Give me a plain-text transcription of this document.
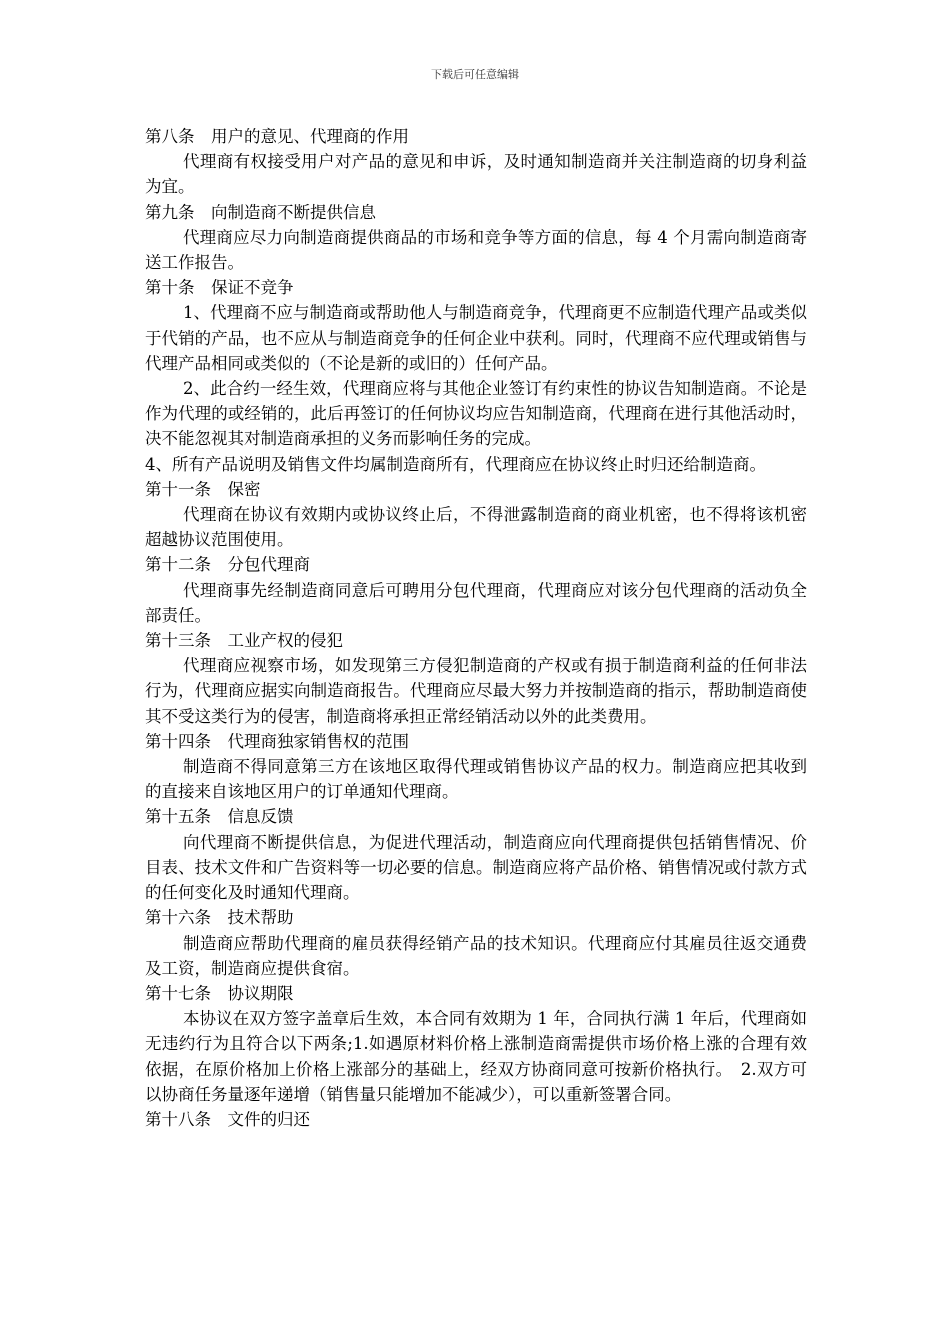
下载后可任意编辑

第八条　用户的意见、代理商的作用

代理商有权接受用户对产品的意见和申诉，及时通知制造商并关注制造商的切身利益为宜。

第九条　向制造商不断提供信息

代理商应尽力向制造商提供商品的市场和竞争等方面的信息，每 4 个月需向制造商寄送工作报告。

第十条　保证不竞争

1、代理商不应与制造商或帮助他人与制造商竞争，代理商更不应制造代理产品或类似于代销的产品，也不应从与制造商竞争的任何企业中获利。同时，代理商不应代理或销售与代理产品相同或类似的（不论是新的或旧的）任何产品。

2、此合约一经生效，代理商应将与其他企业签订有约束性的协议告知制造商。不论是作为代理的或经销的，此后再签订的任何协议均应告知制造商，代理商在进行其他活动时，决不能忽视其对制造商承担的义务而影响任务的完成。

4、所有产品说明及销售文件均属制造商所有，代理商应在协议终止时归还给制造商。

第十一条　保密

代理商在协议有效期内或协议终止后，不得泄露制造商的商业机密，也不得将该机密超越协议范围使用。

第十二条　分包代理商

代理商事先经制造商同意后可聘用分包代理商，代理商应对该分包代理商的活动负全部责任。

第十三条　工业产权的侵犯

代理商应视察市场，如发现第三方侵犯制造商的产权或有损于制造商利益的任何非法行为，代理商应据实向制造商报告。代理商应尽最大努力并按制造商的指示，帮助制造商使其不受这类行为的侵害，制造商将承担正常经销活动以外的此类费用。

第十四条　代理商独家销售权的范围

制造商不得同意第三方在该地区取得代理或销售协议产品的权力。制造商应把其收到的直接来自该地区用户的订单通知代理商。

第十五条　信息反馈

向代理商不断提供信息，为促进代理活动，制造商应向代理商提供包括销售情况、价目表、技术文件和广告资料等一切必要的信息。制造商应将产品价格、销售情况或付款方式的任何变化及时通知代理商。

第十六条　技术帮助

制造商应帮助代理商的雇员获得经销产品的技术知识。代理商应付其雇员往返交通费及工资，制造商应提供食宿。

第十七条　协议期限

本协议在双方签字盖章后生效，本合同有效期为 1 年，合同执行满 1 年后，代理商如无违约行为且符合以下两条;1.如遇原材料价格上涨制造商需提供市场价格上涨的合理有效依据，在原价格加上价格上涨部分的基础上，经双方协商同意可按新价格执行。　2.双方可以协商任务量逐年递增（销售量只能增加不能减少），可以重新签署合同。

第十八条　文件的归还
